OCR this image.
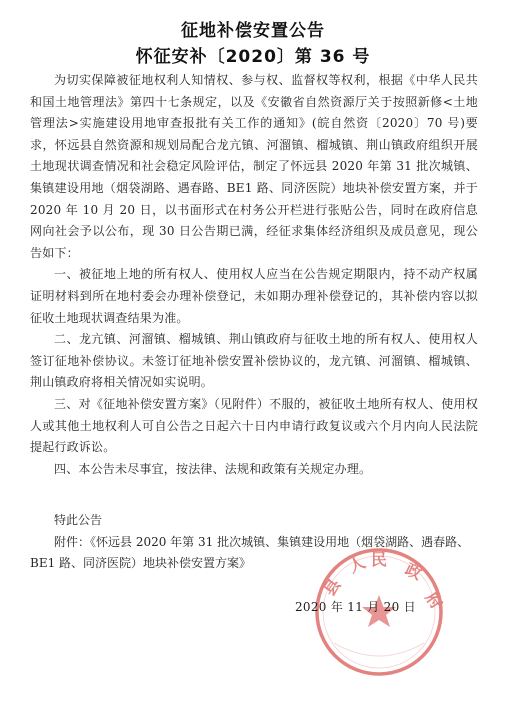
征地补偿安置公告
怀征安补〔2020〕第 36 号

为切实保障被征地权利人知情权、参与权、监督权等权利，根据《中华人民共和国土地管理法》第四十七条规定，以及《安徽省自然资源厅关于按照新修<土地管理法>实施建设用地审查报批有关工作的通知》(皖自然资〔2020〕70 号)要求，怀远县自然资源和规划局配合龙亢镇、河溜镇、榴城镇、荆山镇政府组织开展土地现状调查情况和社会稳定风险评估，制定了怀远县 2020 年第 31 批次城镇、集镇建设用地（烟袋湖路、遇春路、BE1 路、同济医院）地块补偿安置方案，并于 2020 年 10 月 20 日，以书面形式在村务公开栏进行张贴公告，同时在政府信息网向社会予以公布，现 30 日公告期已满，经征求集体经济组织及成员意见，现公告如下：

一、被征地上地的所有权人、使用权人应当在公告规定期限内，持不动产权属证明材料到所在地村委会办理补偿登记，未如期办理补偿登记的，其补偿内容以拟征收土地现状调查结果为准。

二、龙亢镇、河溜镇、榴城镇、荆山镇政府与征收土地的所有权人、使用权人签订征地补偿协议。未签订征地补偿安置补偿协议的，龙亢镇、河溜镇、榴城镇、荆山镇政府将相关情况如实说明。

三、对《征地补偿安置方案》（见附件）不服的，被征收土地所有权人、使用权人或其他土地权利人可自公告之日起六十日内申请行政复议或六个月内向人民法院提起行政诉讼。

四、本公告未尽事宜，按法律、法规和政策有关规定办理。

特此公告

附件：《怀远县 2020 年第 31 批次城镇、集镇建设用地（烟袋湖路、遇春路、BE1 路、同济医院）地块补偿安置方案》

县
人 民 政
府
2020 年 11 月 20 日
